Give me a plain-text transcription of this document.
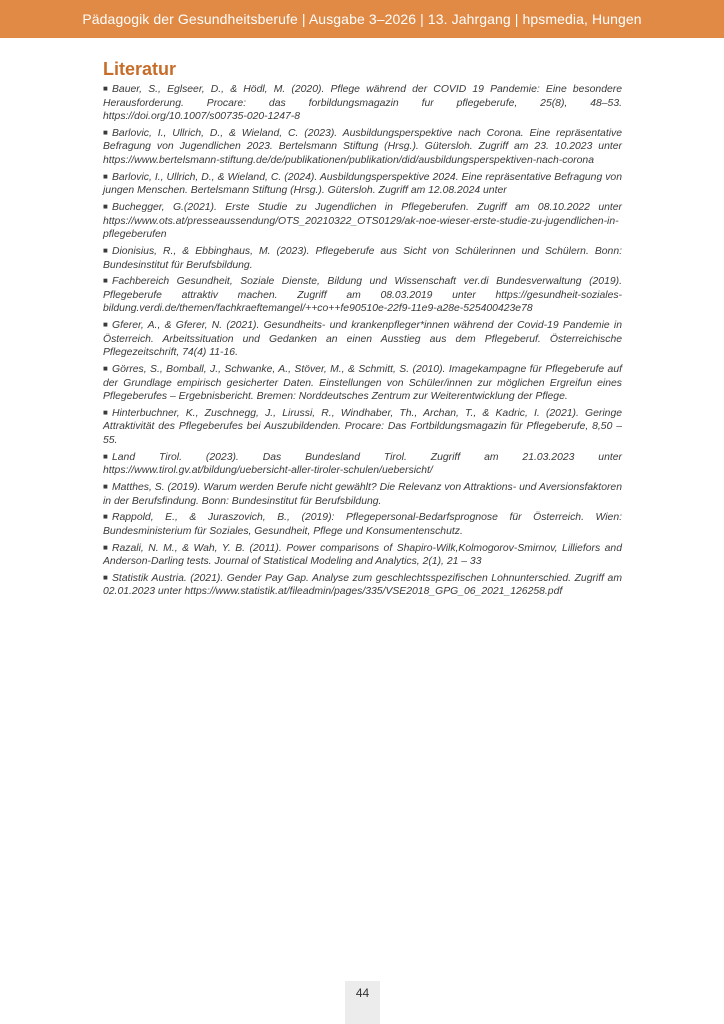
Pädagogik der Gesundheitsberufe | Ausgabe 3–2026 | 13. Jahrgang | hpsmedia, Hungen
Literatur
■ Bauer, S., Eglseer, D., & Hödl, M. (2020). Pflege während der COVID 19 Pandemie: Eine besondere Herausforderung. Procare: das forbildungsmagazin fur pflegeberufe, 25(8), 48–53. https://doi.org/10.1007/s00735-020-1247-8
■ Barlovic, I., Ullrich, D., & Wieland, C. (2023). Ausbildungsperspektive nach Corona. Eine repräsentative Befragung von Jugendlichen 2023. Bertelsmann Stiftung (Hrsg.). Gütersloh. Zugriff am 23. 10.2023 unter https://www.bertelsmann-stiftung.de/de/publikationen/publikation/did/ausbildungsperspektiven-nach-corona
■ Barlovic, I., Ullrich, D., & Wieland, C. (2024). Ausbildungsperspektive 2024. Eine repräsentative Befragung von jungen Menschen. Bertelsmann Stiftung (Hrsg.). Gütersloh. Zugriff am 12.08.2024 unter
■ Buchegger, G.(2021). Erste Studie zu Jugendlichen in Pflegeberufen. Zugriff am 08.10.2022 unter https://www.ots.at/presseaussendung/OTS_20210322_OTS0129/ak-noe-wieser-erste-studie-zu-jugendlichen-in-pflegeberufen
■ Dionisius, R., & Ebbinghaus, M. (2023). Pflegeberufe aus Sicht von Schülerinnen und Schülern. Bonn: Bundesinstitut für Berufsbildung.
■ Fachbereich Gesundheit, Soziale Dienste, Bildung und Wissenschaft ver.di Bundesverwaltung (2019). Pflegeberufe attraktiv machen. Zugriff am 08.03.2019 unter https://gesundheit-soziales-bildung.verdi.de/themen/fachkraeftemangel/++co++fe90510e-22f9-11e9-a28e-525400423e78
■ Gferer, A., & Gferer, N. (2021). Gesundheits- und krankenpfleger*innen während der Covid-19 Pandemie in Österreich. Arbeitssituation und Gedanken an einen Ausstieg aus dem Pflegeberuf. Österreichische Pflegezeitschrift, 74(4) 11-16.
■ Görres, S., Bomball, J., Schwanke, A., Stöver, M., & Schmitt, S. (2010). Imagekampagne für Pflegeberufe auf der Grundlage empirisch gesicherter Daten. Einstellungen von Schüler/innen zur möglichen Ergreifun eines Pflegeberufes – Ergebnisbericht. Bremen: Norddeutsches Zentrum zur Weiterentwicklung der Pflege.
■ Hinterbuchner, K., Zuschnegg, J., Lirussi, R., Windhaber, Th., Archan, T., & Kadric, I. (2021). Geringe Attraktivität des Pflegeberufes bei Auszubildenden. Procare: Das Fortbildungsmagazin für Pflegeberufe, 8,50 – 55.
■ Land Tirol. (2023). Das Bundesland Tirol. Zugriff am 21.03.2023 unter https://www.tirol.gv.at/bildung/uebersicht-aller-tiroler-schulen/uebersicht/
■ Matthes, S. (2019). Warum werden Berufe nicht gewählt? Die Relevanz von Attraktions- und Aversionsfaktoren in der Berufsfindung. Bonn: Bundesinstitut für Berufsbildung.
■ Rappold, E., & Juraszovich, B., (2019): Pflegepersonal-Bedarfsprognose für Österreich. Wien: Bundesministerium für Soziales, Gesundheit, Pflege und Konsumentenschutz.
■ Razali, N. M., & Wah, Y. B. (2011). Power comparisons of Shapiro-Wilk,Kolmogorov-Smirnov, Lilliefors and Anderson-Darling tests. Journal of Statistical Modeling and Analytics, 2(1), 21 – 33
■ Statistik Austria. (2021). Gender Pay Gap. Analyse zum geschlechtsspezifischen Lohnunterschied. Zugriff am 02.01.2023 unter https://www.statistik.at/fileadmin/pages/335/VSE2018_GPG_06_2021_126258.pdf
44
